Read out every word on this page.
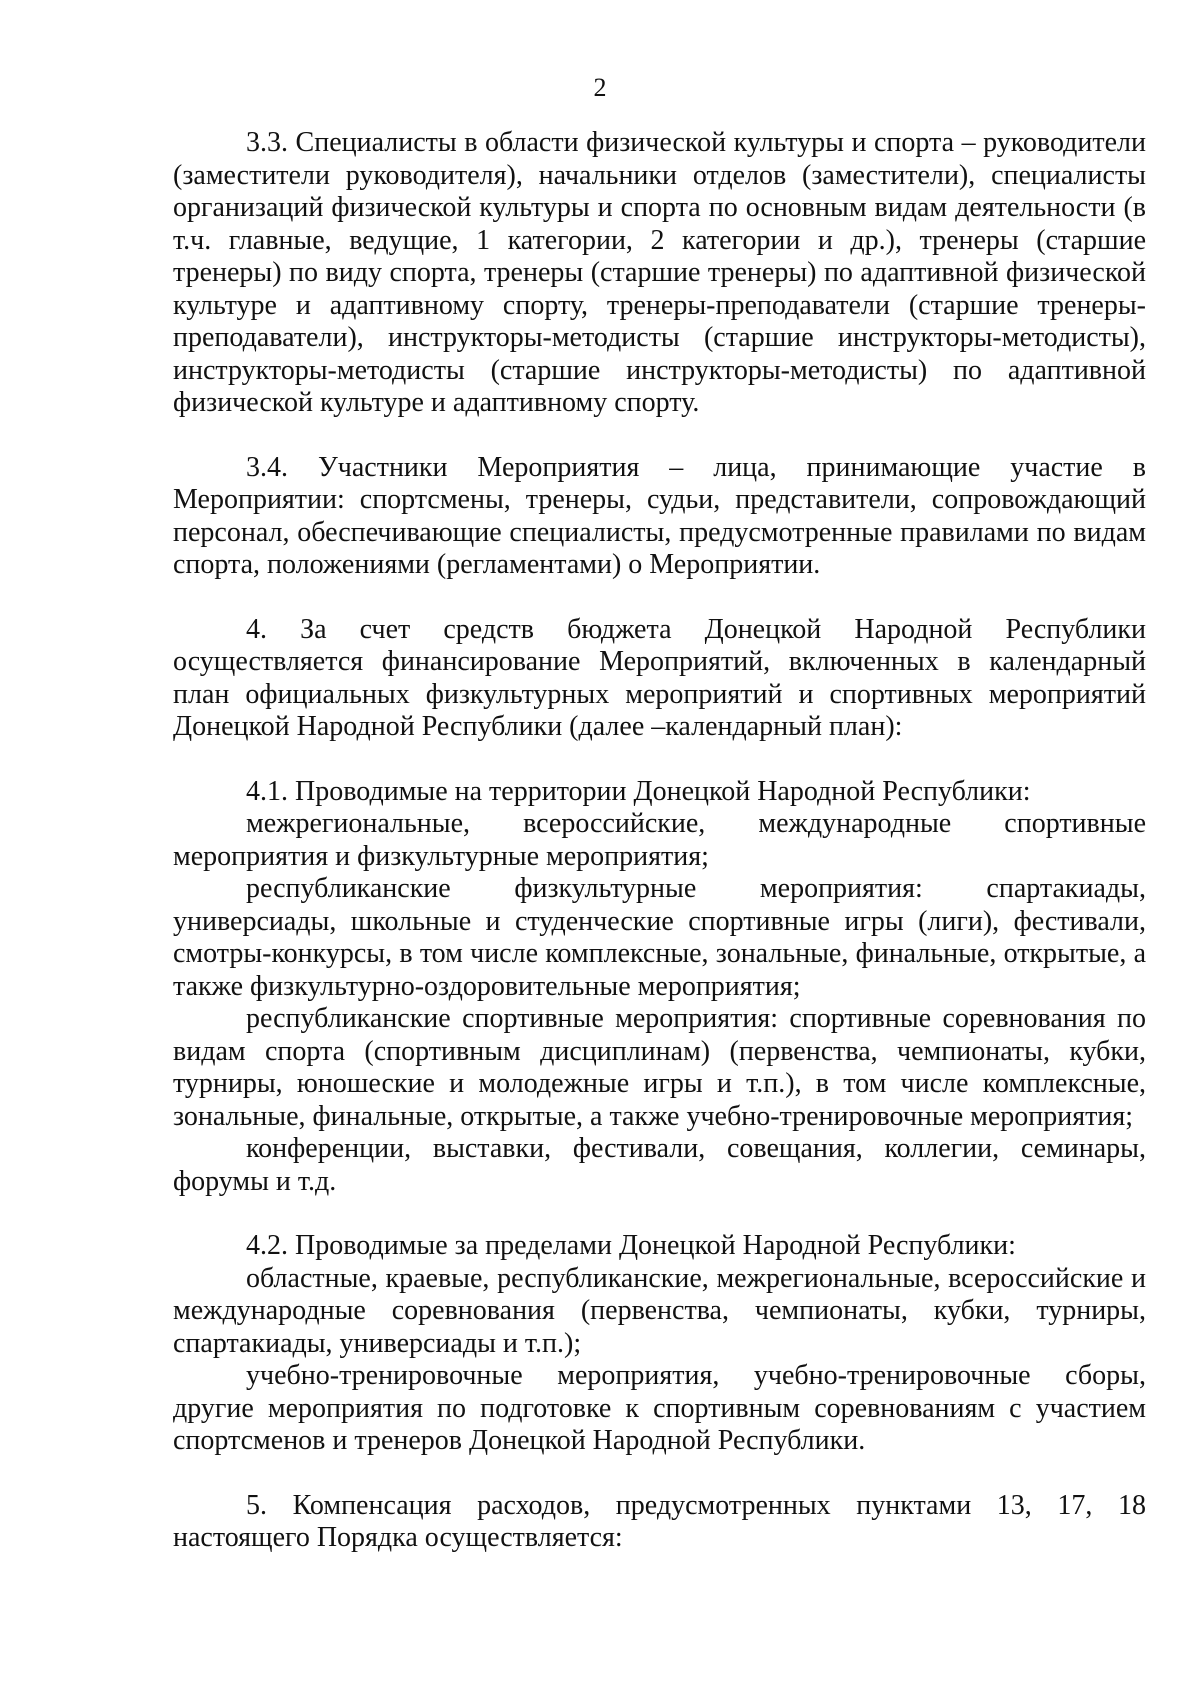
2

3.3. Специалисты в области физической культуры и спорта – руководители (заместители руководителя), начальники отделов (заместители), специалисты организаций физической культуры и спорта по основным видам деятельности (в т.ч. главные, ведущие, 1 категории, 2 категории и др.), тренеры (старшие тренеры) по виду спорта, тренеры (старшие тренеры) по адаптивной физической культуре и адаптивному спорту, тренеры-преподаватели (старшие тренеры-преподаватели), инструкторы-методисты (старшие инструкторы-методисты), инструкторы-методисты (старшие инструкторы-методисты) по адаптивной физической культуре и адаптивному спорту.

3.4. Участники Мероприятия – лица, принимающие участие в Мероприятии: спортсмены, тренеры, судьи, представители, сопровождающий персонал, обеспечивающие специалисты, предусмотренные правилами по видам спорта, положениями (регламентами) о Мероприятии.

4. За счет средств бюджета Донецкой Народной Республики осуществляется финансирование Мероприятий, включенных в календарный план официальных физкультурных мероприятий и спортивных мероприятий Донецкой Народной Республики (далее –календарный план):

4.1. Проводимые на территории Донецкой Народной Республики:

межрегиональные, всероссийские, международные спортивные мероприятия и физкультурные мероприятия;

республиканские физкультурные мероприятия: спартакиады, универсиады, школьные и студенческие спортивные игры (лиги), фестивали, смотры-конкурсы, в том числе комплексные, зональные, финальные, открытые, а также физкультурно-оздоровительные мероприятия;

республиканские спортивные мероприятия: спортивные соревнования по видам спорта (спортивным дисциплинам) (первенства, чемпионаты, кубки, турниры, юношеские и молодежные игры и т.п.), в том числе комплексные, зональные, финальные, открытые, а также учебно-тренировочные мероприятия;

конференции, выставки, фестивали, совещания, коллегии, семинары, форумы и т.д.

4.2. Проводимые за пределами Донецкой Народной Республики:

областные, краевые, республиканские, межрегиональные, всероссийские и международные соревнования (первенства, чемпионаты, кубки, турниры, спартакиады, универсиады и т.п.);

учебно-тренировочные мероприятия, учебно-тренировочные сборы, другие мероприятия по подготовке к спортивным соревнованиям с участием спортсменов и тренеров Донецкой Народной Республики.

5. Компенсация расходов, предусмотренных пунктами 13, 17, 18 настоящего Порядка осуществляется:
